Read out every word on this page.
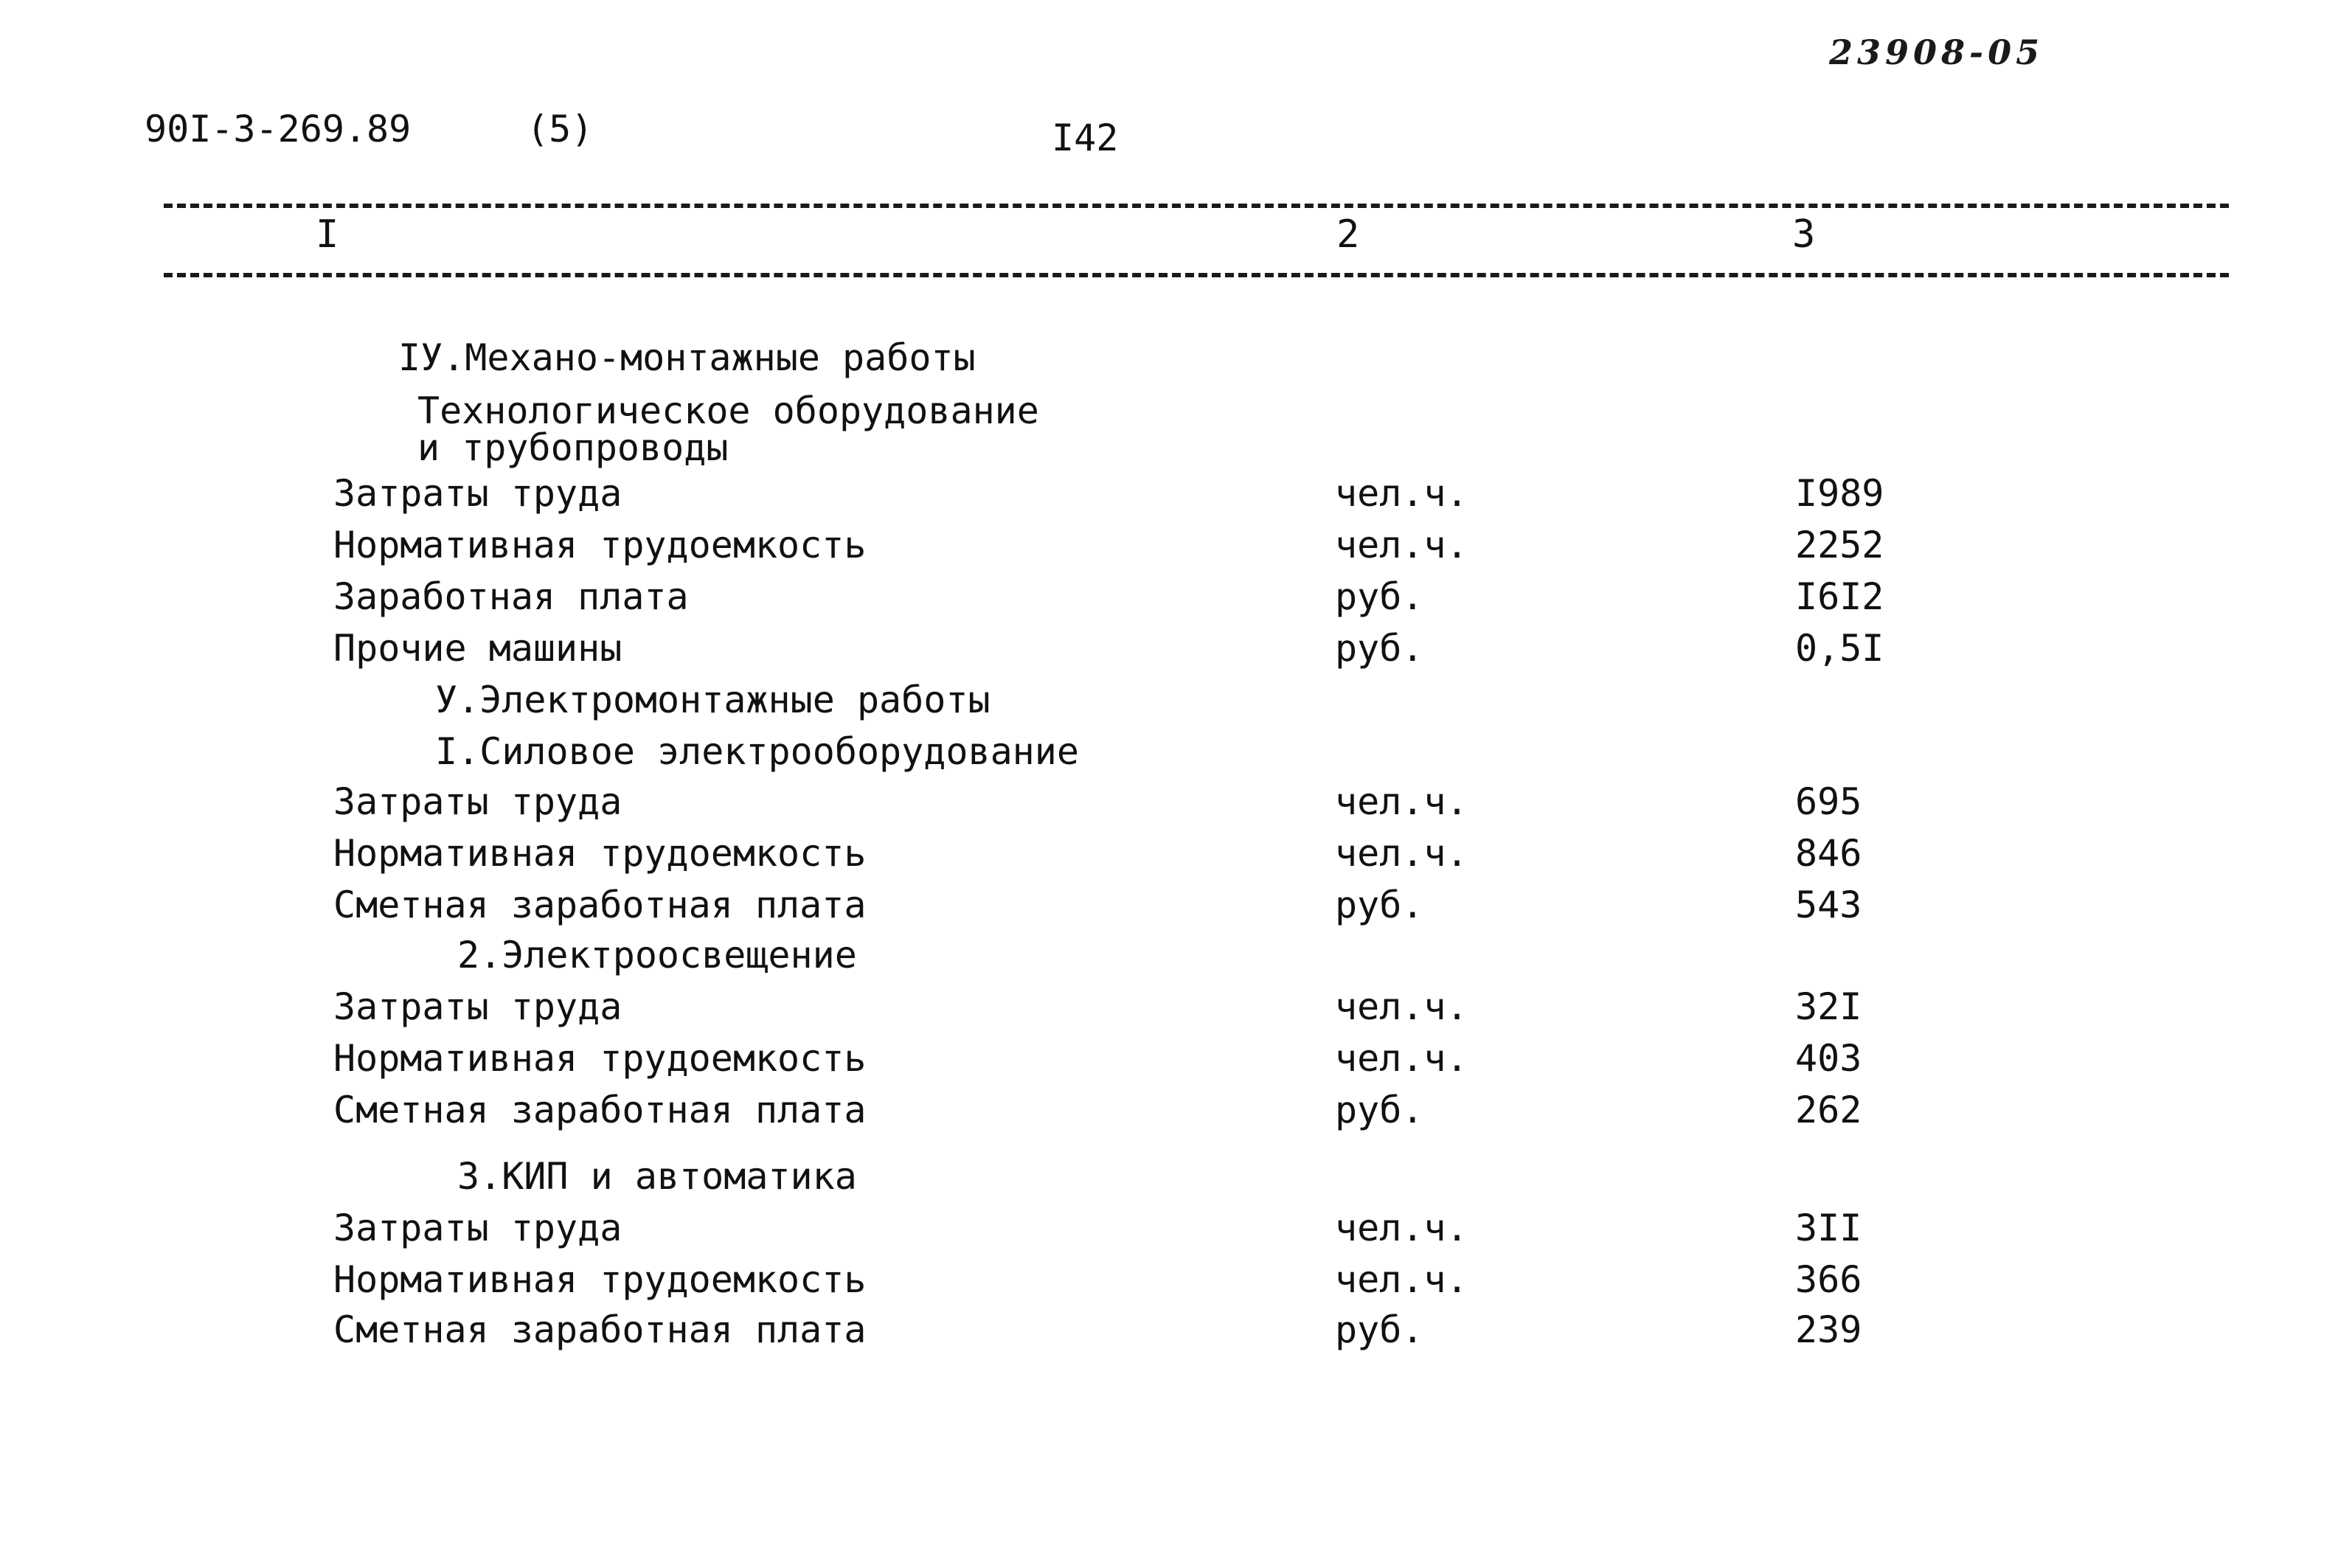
23908-05
90I-3-269.89	(5)	I42
I	2	3
IУ.Механо-монтажные работы
Технологическое оборудование
и трубопроводы
Затраты труда	чел.ч.	I989
Нормативная трудоемкость	чел.ч.	2252
Заработная плата	руб.	I6I2
Прочие машины	руб.	0,5I
У.Электромонтажные работы
I.Силовое электрооборудование
Затраты труда	чел.ч.	695
Нормативная трудоемкость	чел.ч.	846
Сметная заработная плата	руб.	543
2.Электроосвещение
Затраты труда	чел.ч.	32I
Нормативная трудоемкость	чел.ч.	403
Сметная заработная плата	руб.	262
3.КИП и автоматика
Затраты труда	чел.ч.	3II
Нормативная трудоемкость	чел.ч.	366
Сметная заработная плата	руб.	239
